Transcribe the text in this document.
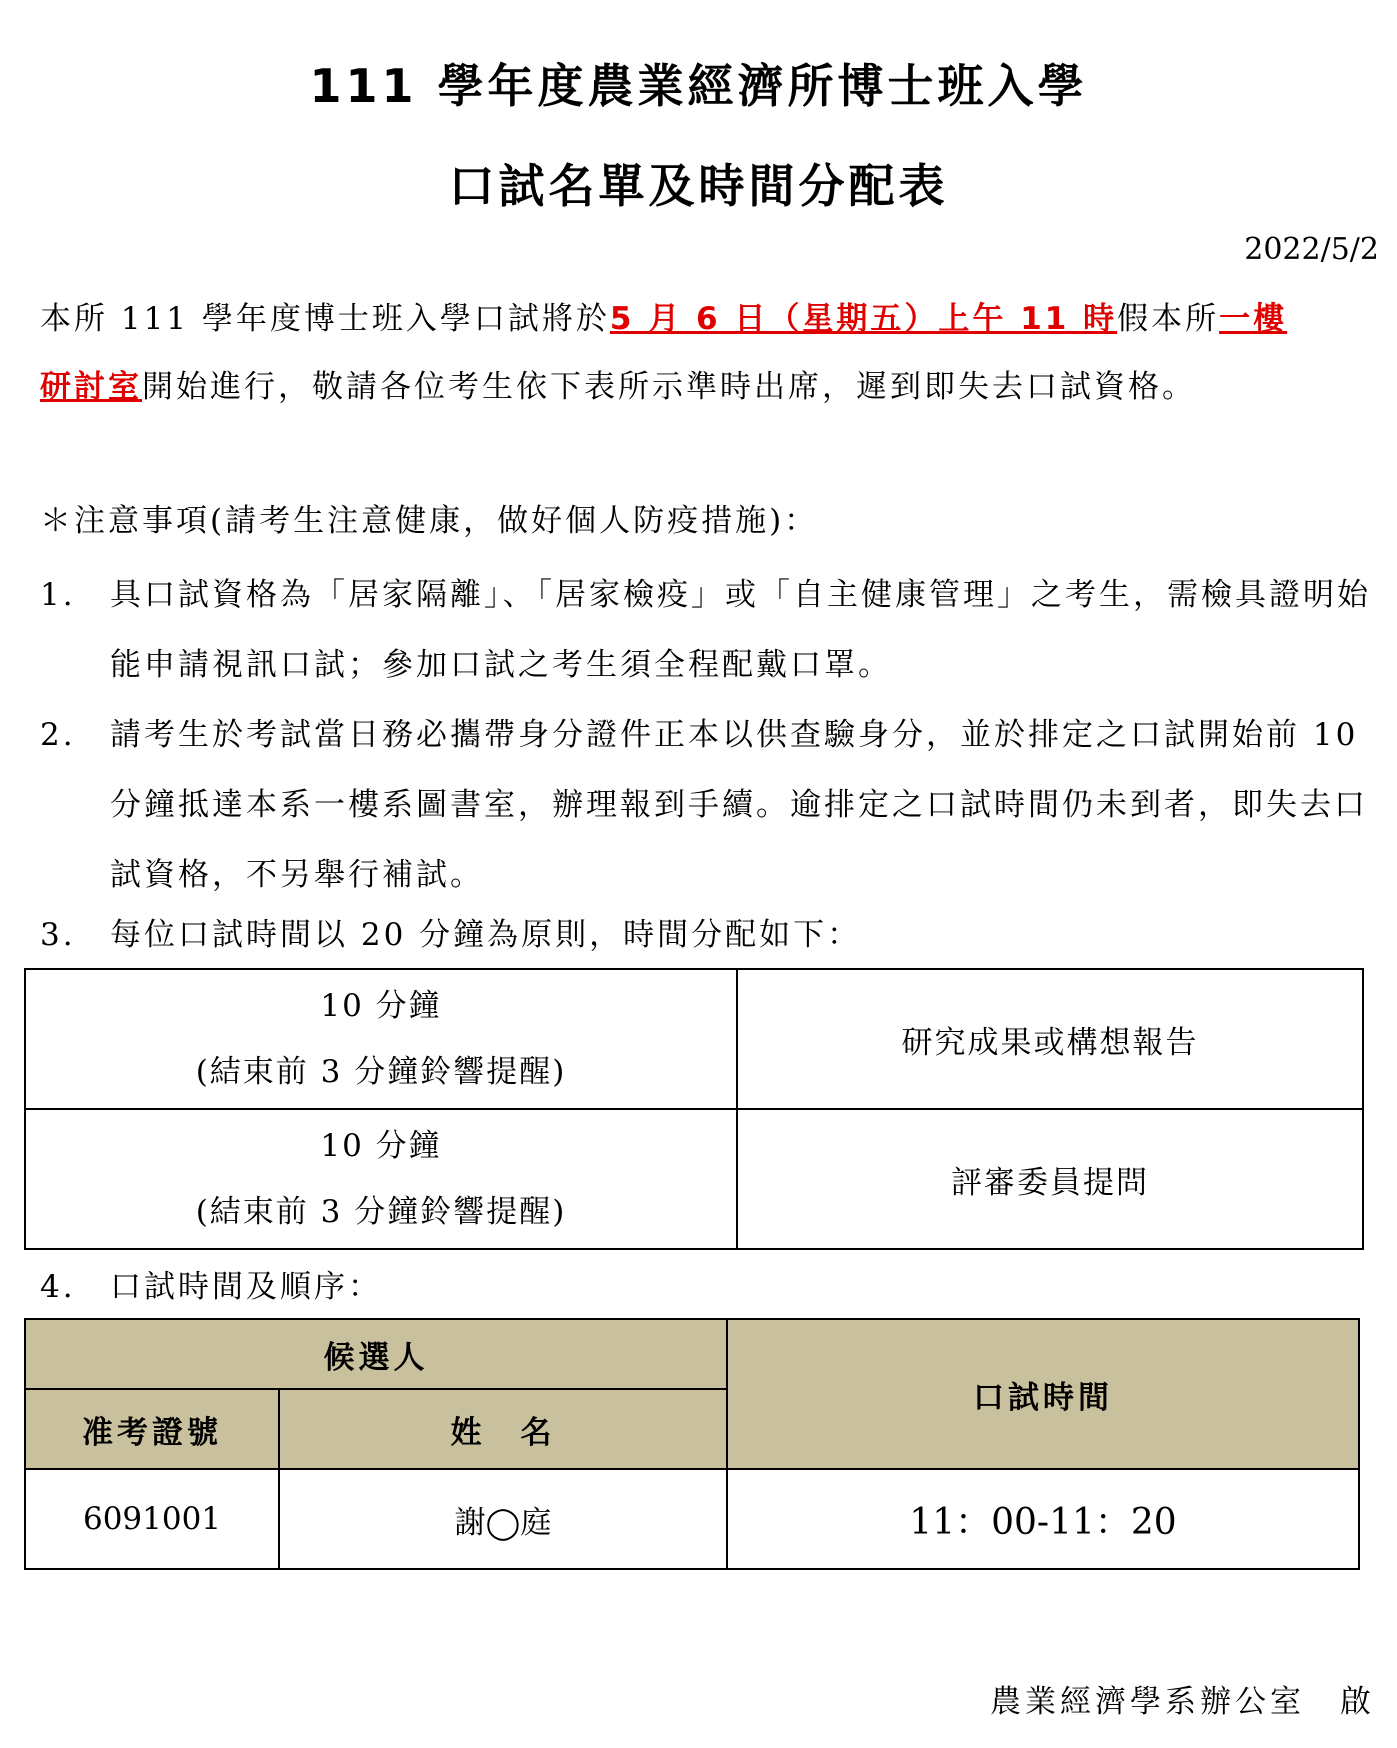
111 學年度農業經濟所博士班入學
口試名單及時間分配表
2022/5/2
本所 111 學年度博士班入學口試將於5 月 6 日（星期五）上午 11 時假本所一樓
研討室開始進行，敬請各位考生依下表所示準時出席，遲到即失去口試資格。
＊注意事項(請考生注意健康，做好個人防疫措施)：
1.	具口試資格為「居家隔離」、「居家檢疫」或「自主健康管理」之考生，需檢具證明始能申請視訊口試；參加口試之考生須全程配戴口罩。
2.	請考生於考試當日務必攜帶身分證件正本以供查驗身分，並於排定之口試開始前 10 分鐘抵達本系一樓系圖書室，辦理報到手續。逾排定之口試時間仍未到者，即失去口試資格，不另舉行補試。
3.	每位口試時間以 20 分鐘為原則，時間分配如下：
10 分鐘
(結束前 3 分鐘鈴響提醒)	研究成果或構想報告

10 分鐘
(結束前 3 分鐘鈴響提醒)	評審委員提問
4.	口試時間及順序：
候選人		口試時間
准考證號	姓　名	
6091001	謝◯庭	11：00-11：20
農業經濟學系辦公室　啟
